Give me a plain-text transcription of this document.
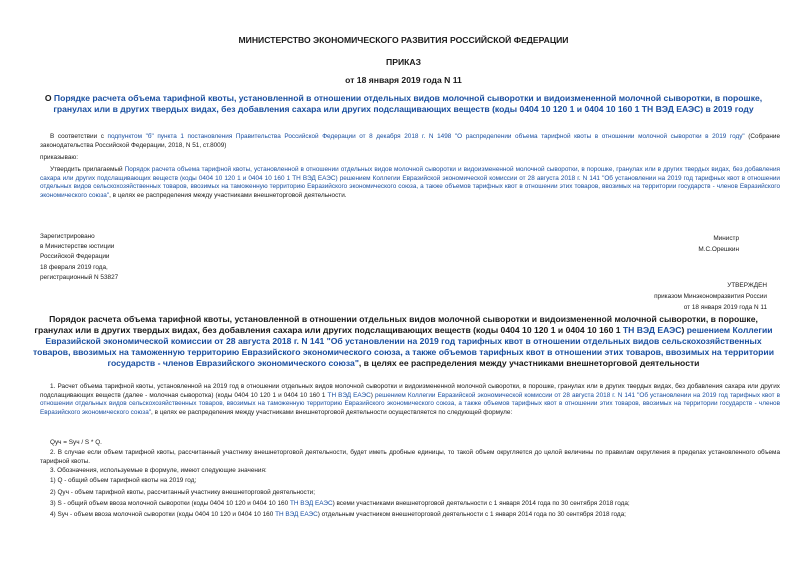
МИНИСТЕРСТВО ЭКОНОМИЧЕСКОГО РАЗВИТИЯ РОССИЙСКОЙ ФЕДЕРАЦИИ
ПРИКАЗ
от 18 января 2019 года N 11
О Порядке расчета объема тарифной квоты, установленной в отношении отдельных видов молочной сыворотки и видоизмененной молочной сыворотки, в порошке, гранулах или в других твердых видах, без добавления сахара или других подслащивающих веществ (коды 0404 10 120 1 и 0404 10 160 1 ТН ВЭД ЕАЭС) в 2019 году
В соответствии с подпунктом "б" пункта 1 постановления Правительства Российской Федерации от 8 декабря 2018 г. N 1498 "О распределении объема тарифной квоты в отношении молочной сыворотки в 2019 году" (Собрание законодательства Российской Федерации, 2018, N 51, ст.8009)
приказываю:
Утвердить прилагаемый Порядок расчета объема тарифной квоты, установленной в отношении отдельных видов молочной сыворотки и видоизмененной молочной сыворотки, в порошке, гранулах или в других твердых видах, без добавления сахара или других подслащивающих веществ (коды 0404 10 120 1 и 0404 10 160 1 ТН ВЭД ЕАЭС) решением Коллегии Евразийской экономической комиссии от 28 августа 2018 г. N 141 "Об установлении на 2019 год тарифных квот в отношении отдельных видов сельскохозяйственных товаров, ввозимых на таможенную территорию Евразийского экономического союза, а также объемов тарифных квот в отношении этих товаров, ввозимых на территории государств - членов Евразийского экономического союза", в целях ее распределения между участниками внешнеторговой деятельности.
Министр
М.С.Орешкин
Зарегистрировано
в Министерстве юстиции
Российской Федерации
18 февраля 2019 года,
регистрационный N 53827
УТВЕРЖДЕН
приказом Минэкономразвития России
от 18 января 2019 года N 11
Порядок расчета объема тарифной квоты, установленной в отношении отдельных видов молочной сыворотки и видоизмененной молочной сыворотки, в порошке, гранулах или в других твердых видах, без добавления сахара или других подслащивающих веществ (коды 0404 10 120 1 и 0404 10 160 1 ТН ВЭД ЕАЭС) решением Коллегии Евразийской экономической комиссии от 28 августа 2018 г. N 141 "Об установлении на 2019 год тарифных квот в отношении отдельных видов сельскохозяйственных товаров, ввозимых на таможенную территорию Евразийского экономического союза, а также объемов тарифных квот в отношении этих товаров, ввозимых на территории государств - членов Евразийского экономического союза", в целях ее распределения между участниками внешнеторговой деятельности
1. Расчет объема тарифной квоты, установленной на 2019 год в отношении отдельных видов молочной сыворотки и видоизмененной молочной сыворотки, в порошке, гранулах или в других твердых видах, без добавления сахара или других подслащивающих веществ (далее - молочная сыворотка) (коды 0404 10 120 1 и 0404 10 160 1 ТН ВЭД ЕАЭС) решением Коллегии Евразийской экономической комиссии от 28 августа 2018 г. N 141 "Об установлении на 2019 год тарифных квот в отношении отдельных видов сельскохозяйственных товаров, ввозимых на таможенную территорию Евразийского экономического союза, а также объемов тарифных квот в отношении этих товаров, ввозимых на территории государств - членов Евразийского экономического союза", в целях ее распределения между участниками внешнеторговой деятельности осуществляется по следующей формуле:
Qyч = Syч / S * Q.
2. В случае если объем тарифной квоты, рассчитанный участнику внешнеторговой деятельности, будет иметь дробные единицы, то такой объем округляется до целой величины по правилам округления в пределах установленного объема тарифной квоты.
3. Обозначения, используемые в формуле, имеют следующие значения:
1) Q - общий объем тарифной квоты на 2019 год;
2) Qyч - объем тарифной квоты, рассчитанный участнику внешнеторговой деятельности;
3) S - общий объем ввоза молочной сыворотки (коды 0404 10 120 и 0404 10 160 ТН ВЭД ЕАЭС) всеми участниками внешнеторговой деятельности с 1 января 2014 года по 30 сентября 2018 года;
4) Syч - объем ввоза молочной сыворотки (коды 0404 10 120 и 0404 10 160 ТН ВЭД ЕАЭС) отдельным участником внешнеторговой деятельности с 1 января 2014 года по 30 сентября 2018 года;
